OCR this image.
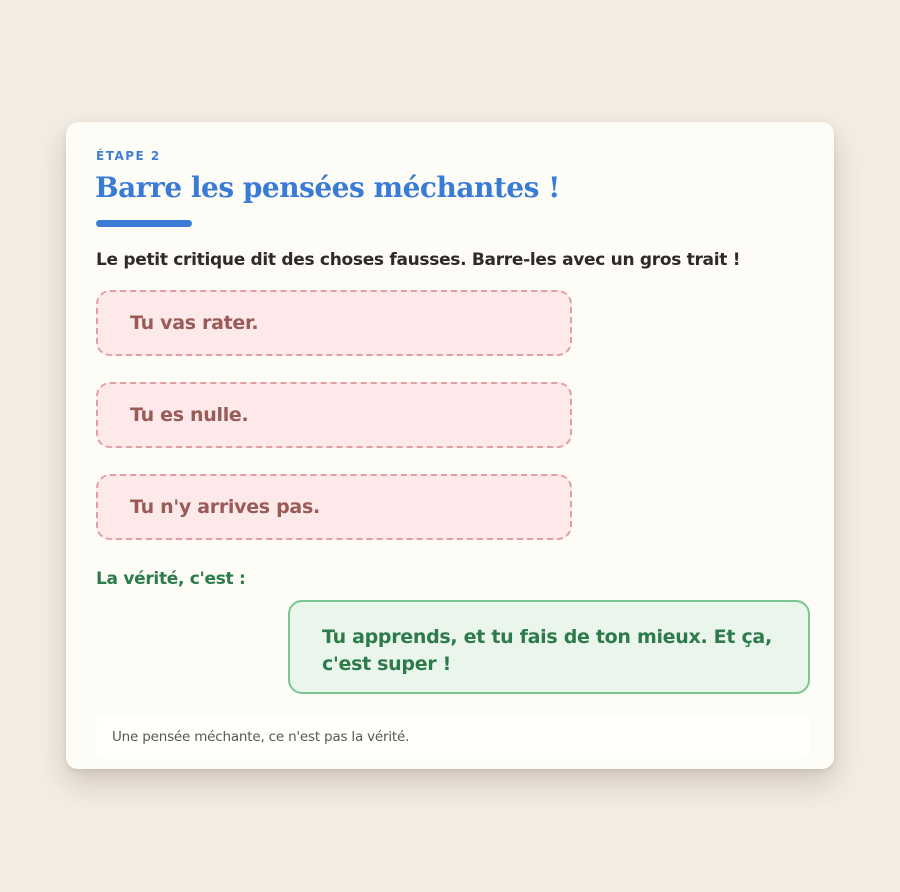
ÉTAPE 2
Barre les pensées méchantes !
Le petit critique dit des choses fausses. Barre-les avec un gros trait !
Tu vas rater.
Tu es nulle.
Tu n'y arrives pas.
La vérité, c'est :
Tu apprends, et tu fais de ton mieux. Et ça, c'est super !
Une pensée méchante, ce n'est pas la vérité.
